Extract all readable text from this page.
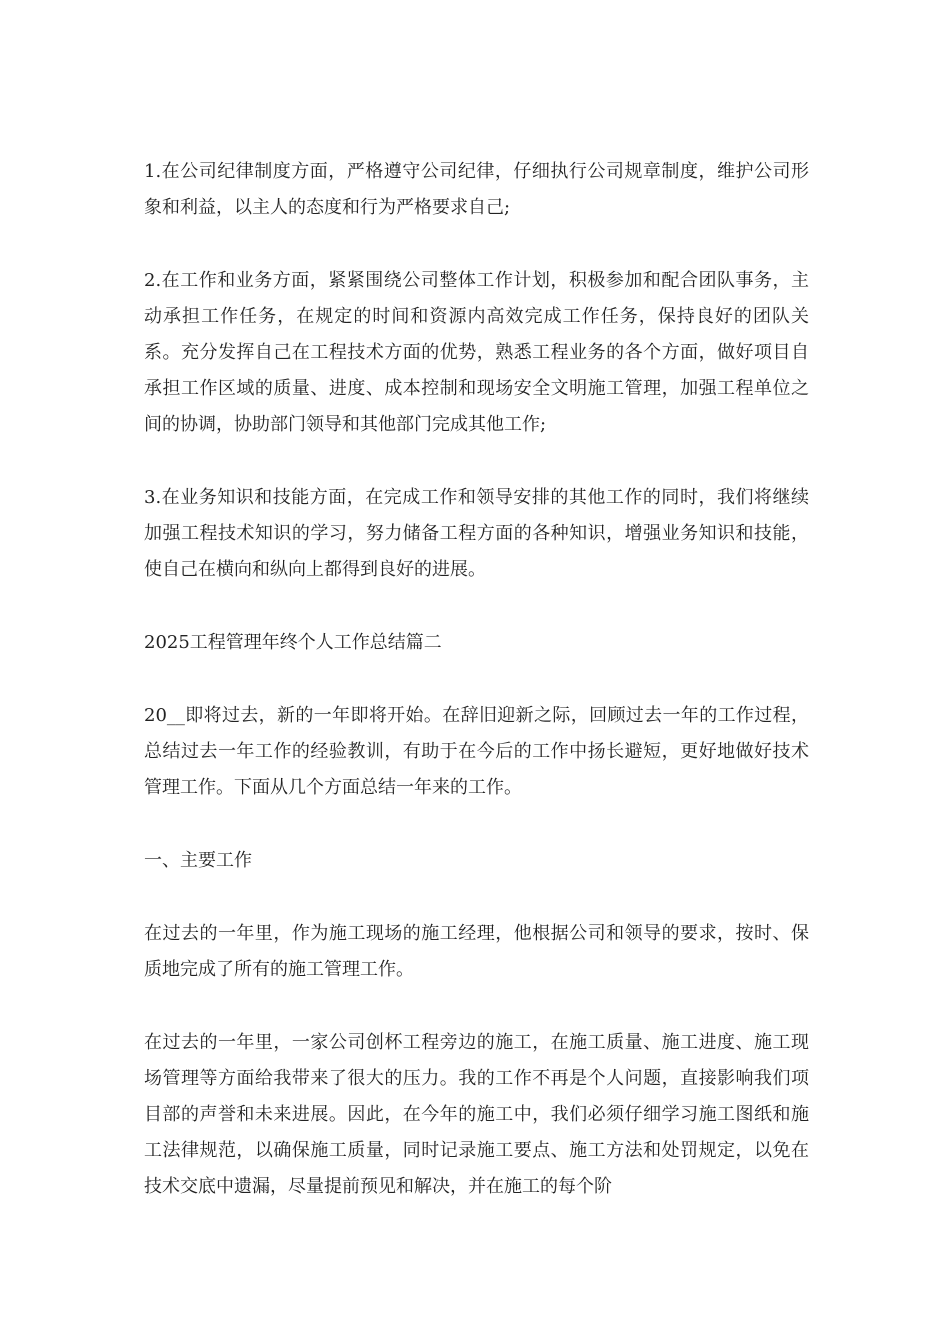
1.在公司纪律制度方面，严格遵守公司纪律，仔细执行公司规章制度，维护公司形象和利益，以主人的态度和行为严格要求自己;

2.在工作和业务方面，紧紧围绕公司整体工作计划，积极参加和配合团队事务，主动承担工作任务，在规定的时间和资源内高效完成工作任务，保持良好的团队关系。充分发挥自己在工程技术方面的优势，熟悉工程业务的各个方面，做好项目自承担工作区域的质量、进度、成本控制和现场安全文明施工管理，加强工程单位之间的协调，协助部门领导和其他部门完成其他工作;

3.在业务知识和技能方面，在完成工作和领导安排的其他工作的同时，我们将继续加强工程技术知识的学习，努力储备工程方面的各种知识，增强业务知识和技能，使自己在横向和纵向上都得到良好的进展。

2025工程管理年终个人工作总结篇二

20__即将过去，新的一年即将开始。在辞旧迎新之际，回顾过去一年的工作过程，总结过去一年工作的经验教训，有助于在今后的工作中扬长避短，更好地做好技术管理工作。下面从几个方面总结一年来的工作。

一、主要工作

在过去的一年里，作为施工现场的施工经理，他根据公司和领导的要求，按时、保质地完成了所有的施工管理工作。

在过去的一年里，一家公司创杯工程旁边的施工，在施工质量、施工进度、施工现场管理等方面给我带来了很大的压力。我的工作不再是个人问题，直接影响我们项目部的声誉和未来进展。因此，在今年的施工中，我们必须仔细学习施工图纸和施工法律规范，以确保施工质量，同时记录施工要点、施工方法和处罚规定，以免在技术交底中遗漏，尽量提前预见和解决，并在施工的每个阶
